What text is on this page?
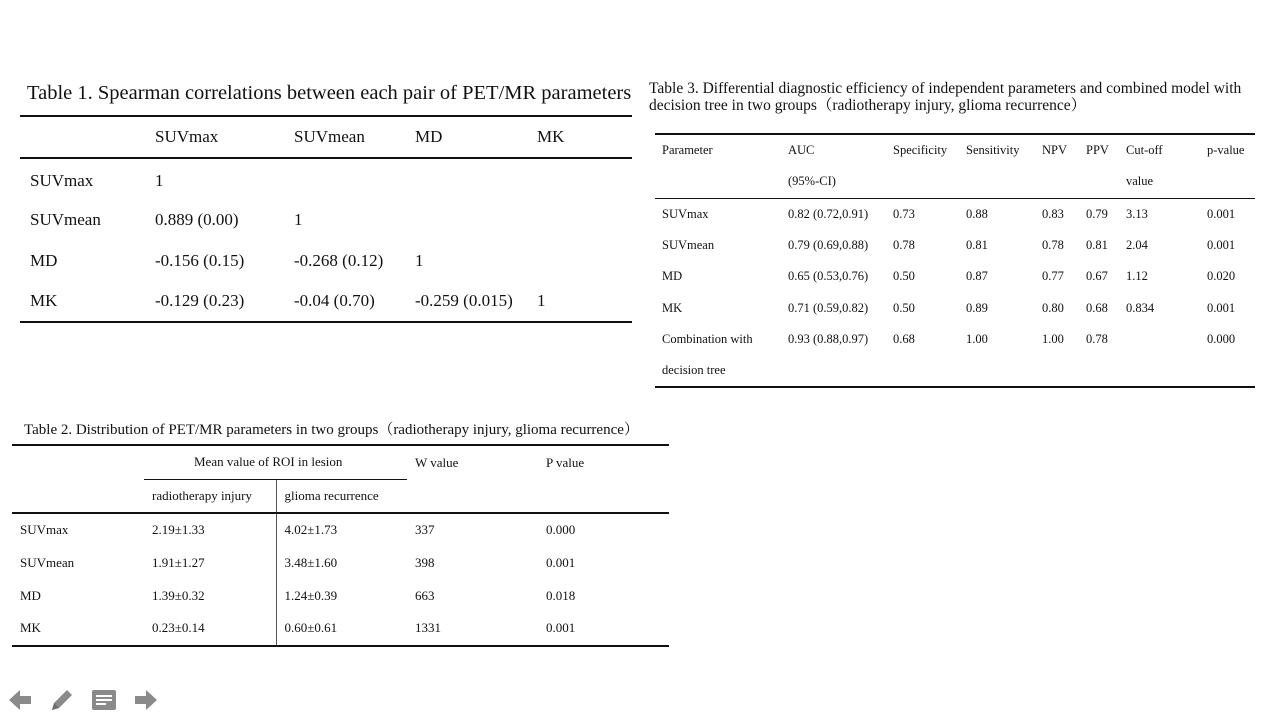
Table 1. Spearman correlations between each pair of PET/MR parameters
	SUVmax	SUVmean	MD	MK
SUVmax	1			
SUVmean	0.889 (0.00)	1		
MD	-0.156 (0.15)	-0.268 (0.12)	1	
MK	-0.129 (0.23)	-0.04 (0.70)	-0.259 (0.015)	1
Table 3. Differential diagnostic efficiency of independent parameters and combined model with decision tree in two groups（radiotherapy injury, glioma recurrence）
Parameter	AUC	Specificity	Sensitivity	NPV	PPV	Cut-off	p-value
	(95%-CI)					value	
SUVmax	0.82 (0.72,0.91)	0.73	0.88	0.83	0.79	3.13	0.001
SUVmean	0.79 (0.69,0.88)	0.78	0.81	0.78	0.81	2.04	0.001
MD	0.65 (0.53,0.76)	0.50	0.87	0.77	0.67	1.12	0.020
MK	0.71 (0.59,0.82)	0.50	0.89	0.80	0.68	0.834	0.001
Combination with	0.93 (0.88,0.97)	0.68	1.00	1.00	0.78		0.000
decision tree							
Table 2. Distribution of PET/MR parameters in two groups（radiotherapy injury, glioma recurrence）
	Mean value of ROI in lesion		W value	P value
	radiotherapy injury	glioma recurrence		
SUVmax	2.19±1.33	4.02±1.73	337	0.000
SUVmean	1.91±1.27	3.48±1.60	398	0.001
MD	1.39±0.32	1.24±0.39	663	0.018
MK	0.23±0.14	0.60±0.61	1331	0.001
